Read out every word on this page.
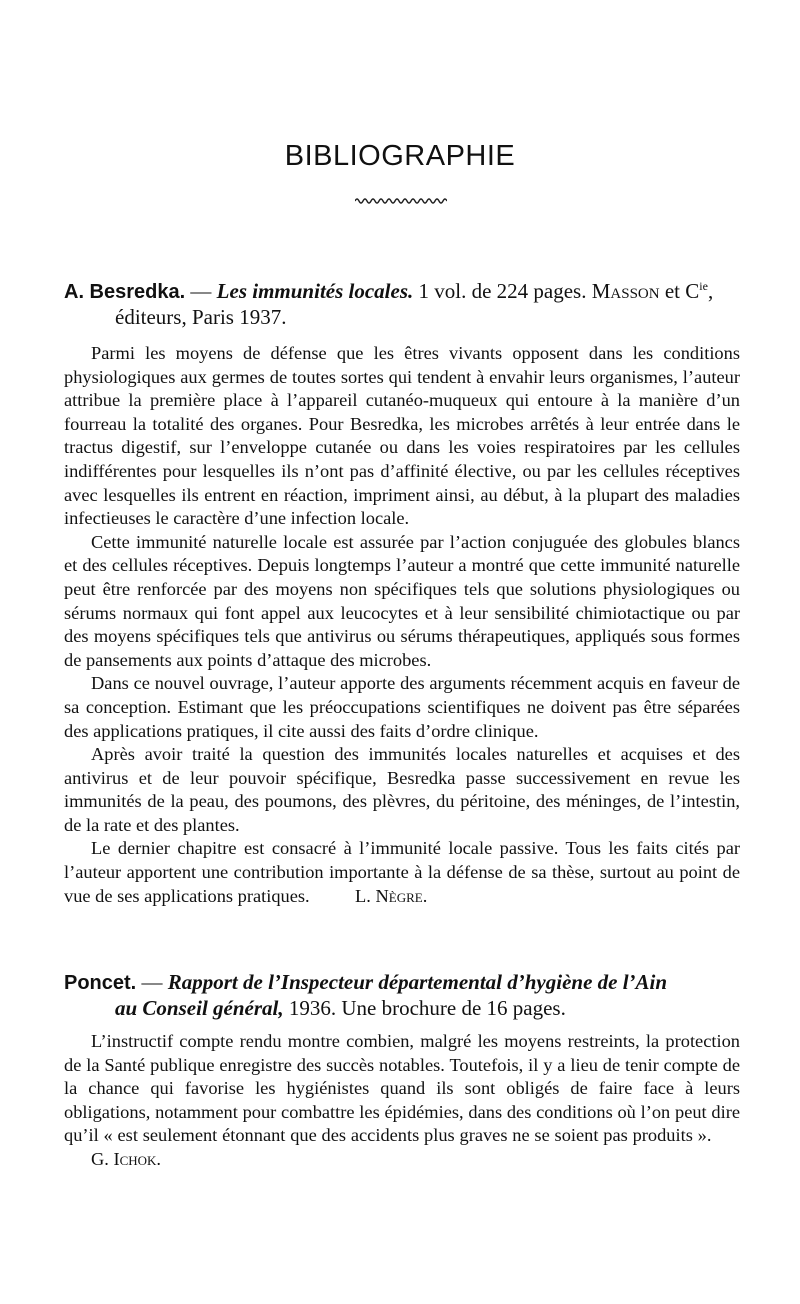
BIBLIOGRAPHIE
A. Besredka. — Les immunités locales. 1 vol. de 224 pages. Masson et $C^{ie}$,
éditeurs, Paris 1937.

Parmi les moyens de défense que les êtres vivants opposent dans les conditions physiologiques aux germes de toutes sortes qui tendent à envahir leurs organismes, l’auteur attribue la première place à l’appareil cutanéo-muqueux qui entoure à la manière d’un fourreau la totalité des organes. Pour Besredka, les microbes arrêtés à leur entrée dans le tractus digestif, sur l’enveloppe cutanée ou dans les voies respiratoires par les cellules indifférentes pour lesquelles ils n’ont pas d’affinité élective, ou par les cellules réceptives avec lesquelles ils entrent en réaction, impriment ainsi, au début, à la plupart des maladies infectieuses le caractère d’une infection locale.

Cette immunité naturelle locale est assurée par l’action conjuguée des globules blancs et des cellules réceptives. Depuis longtemps l’auteur a montré que cette immunité naturelle peut être renforcée par des moyens non spécifiques tels que solutions physiologiques ou sérums normaux qui font appel aux leucocytes et à leur sensibilité chimiotactique ou par des moyens spécifiques tels que antivirus ou sérums thérapeutiques, appliqués sous formes de pansements aux points d’attaque des microbes.

Dans ce nouvel ouvrage, l’auteur apporte des arguments récemment acquis en faveur de sa conception. Estimant que les préoccupations scientifiques ne doivent pas être séparées des applications pratiques, il cite aussi des faits d’ordre clinique.

Après avoir traité la question des immunités locales naturelles et acquises et des antivirus et de leur pouvoir spécifique, Besredka passe successivement en revue les immunités de la peau, des poumons, des plèvres, du péritoine, des méninges, de l’intestin, de la rate et des plantes.

Le dernier chapitre est consacré à l’immunité locale passive. Tous les faits cités par l’auteur apportent une contribution importante à la défense de sa thèse, surtout au point de vue de ses applications pratiques. L. Nègre.

Poncet. — Rapport de l’Inspecteur départemental d’hygiène de l’Ain
au Conseil général, 1936. Une brochure de 16 pages.

L’instructif compte rendu montre combien, malgré les moyens restreints, la protection de la Santé publique enregistre des succès notables. Toutefois, il y a lieu de tenir compte de la chance qui favorise les hygiénistes quand ils sont obligés de faire face à leurs obligations, notamment pour combattre les épidémies, dans des conditions où l’on peut dire qu’il « est seulement étonnant que des accidents plus graves ne se soient pas produits ».       G. Ichok.
